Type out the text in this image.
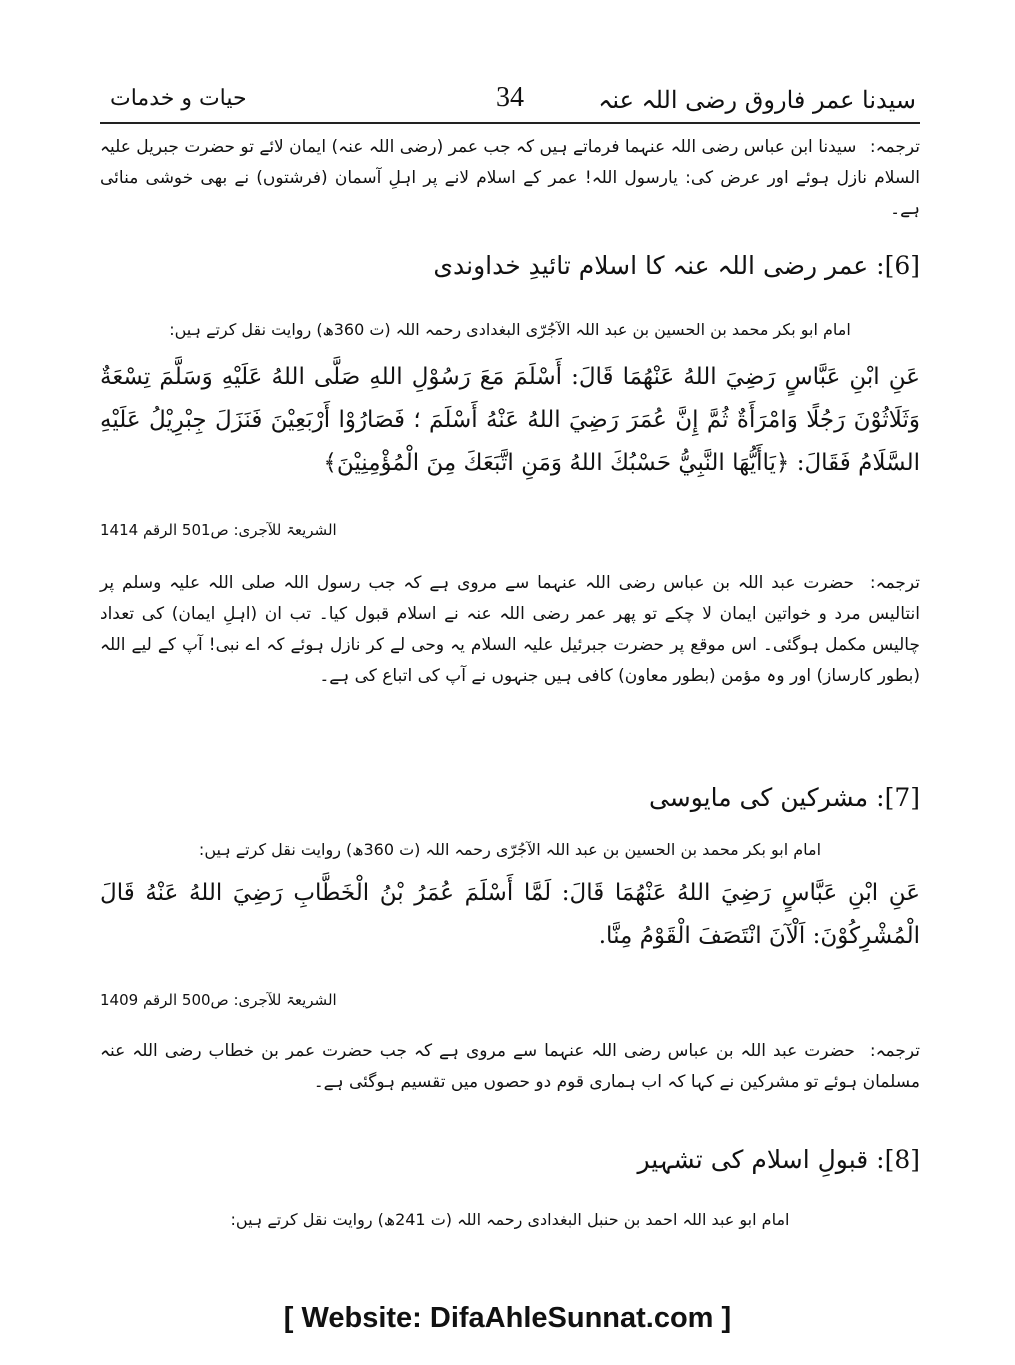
سیدنا عمر فاروق رضی اللہ عنہ
34
حیات و خدمات
ترجمہ: سیدنا ابن عباس رضی اللہ عنہما فرماتے ہیں کہ جب عمر (رضی اللہ عنہ) ایمان لائے تو حضرت جبریل علیہ السلام نازل ہوئے اور عرض کی: یارسول اللہ! عمر کے اسلام لانے پر اہلِ آسمان (فرشتوں) نے بھی خوشی منائی ہے۔
[6]: عمر رضی اللہ عنہ کا اسلام تائیدِ خداوندی
امام ابو بکر محمد بن الحسین بن عبد اللہ الآجُرّی البغدادی رحمہ اللہ (ت 360ھ) روایت نقل کرتے ہیں:
عَنِ ابْنِ عَبَّاسٍ رَضِيَ اللهُ عَنْهُمَا قَالَ: أَسْلَمَ مَعَ رَسُوْلِ اللهِ صَلَّى اللهُ عَلَيْهِ وَسَلَّمَ تِسْعَةٌ وَثَلَاثُوْنَ رَجُلًا وَامْرَأَةٌ ثُمَّ إِنَّ عُمَرَ رَضِيَ اللهُ عَنْهُ أَسْلَمَ ؛ فَصَارُوْا أَرْبَعِيْنَ فَنَزَلَ جِبْرِيْلُ عَلَيْهِ السَّلَامُ فَقَالَ: ﴿يَاأَيُّهَا النَّبِيُّ حَسْبُكَ اللهُ وَمَنِ اتَّبَعَكَ مِنَ الْمُؤْمِنِيْنَ﴾
الشریعۃ للآجری: ص501 الرقم 1414
ترجمہ: حضرت عبد اللہ بن عباس رضی اللہ عنہما سے مروی ہے کہ جب رسول اللہ صلی اللہ علیہ وسلم پر انتالیس مرد و خواتین ایمان لا چکے تو پھر عمر رضی اللہ عنہ نے اسلام قبول کیا۔ تب ان (اہلِ ایمان) کی تعداد چالیس مکمل ہوگئی۔ اس موقع پر حضرت جبرئیل علیہ السلام یہ وحی لے کر نازل ہوئے کہ اے نبی! آپ کے لیے اللہ (بطور کارساز) اور وہ مؤمن (بطور معاون) کافی ہیں جنہوں نے آپ کی اتباع کی ہے۔
[7]: مشرکین کی مایوسی
امام ابو بکر محمد بن الحسین بن عبد اللہ الآجُرّی رحمہ اللہ (ت 360ھ) روایت نقل کرتے ہیں:
عَنِ ابْنِ عَبَّاسٍ رَضِيَ اللهُ عَنْهُمَا قَالَ: لَمَّا أَسْلَمَ عُمَرُ بْنُ الْخَطَّابِ رَضِيَ اللهُ عَنْهُ قَالَ الْمُشْرِكُوْنَ: اَلْآنَ انْتَصَفَ الْقَوْمُ مِنَّا.
الشریعۃ للآجری: ص500 الرقم 1409
ترجمہ: حضرت عبد اللہ بن عباس رضی اللہ عنہما سے مروی ہے کہ جب حضرت عمر بن خطاب رضی اللہ عنہ مسلمان ہوئے تو مشرکین نے کہا کہ اب ہماری قوم دو حصوں میں تقسیم ہوگئی ہے۔
[8]: قبولِ اسلام کی تشہیر
امام ابو عبد اللہ احمد بن حنبل البغدادی رحمہ اللہ (ت 241ھ) روایت نقل کرتے ہیں:
[ Website: DifaAhleSunnat.com ]
